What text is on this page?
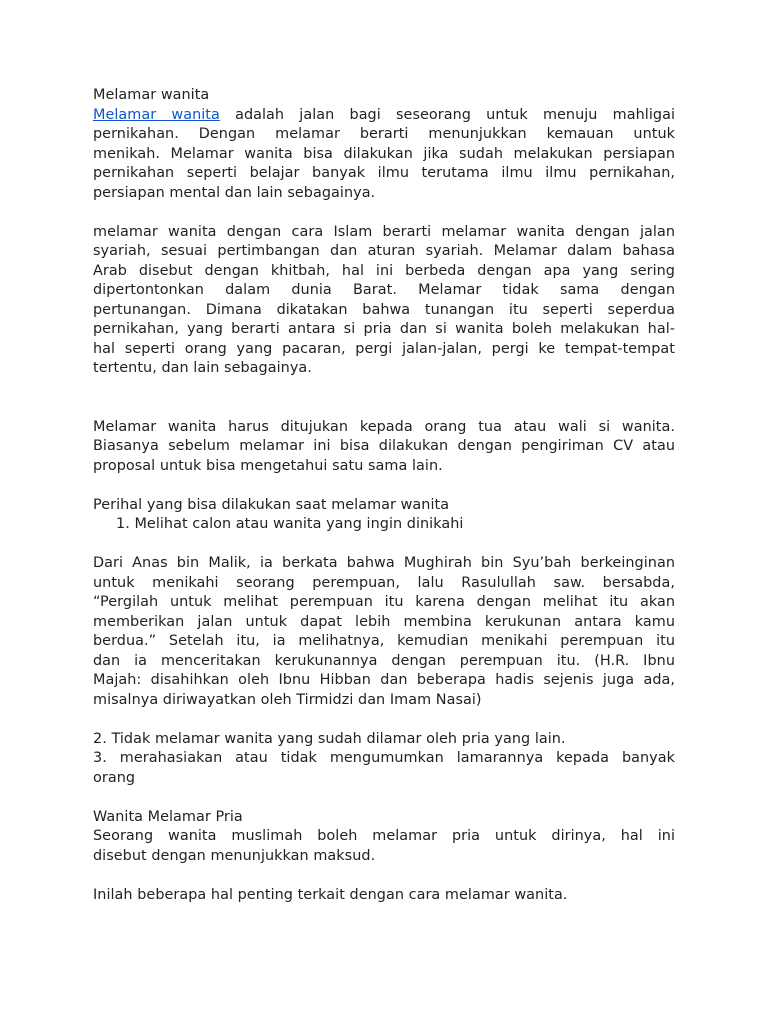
Melamar wanita
Melamar wanita adalah jalan bagi seseorang untuk menuju mahligai
pernikahan. Dengan melamar berarti menunjukkan kemauan untuk
menikah. Melamar wanita bisa dilakukan jika sudah melakukan persiapan
pernikahan seperti belajar banyak ilmu terutama ilmu ilmu pernikahan,
persiapan mental dan lain sebagainya.
melamar wanita dengan cara Islam berarti melamar wanita dengan jalan
syariah, sesuai pertimbangan dan aturan syariah. Melamar dalam bahasa
Arab disebut dengan khitbah, hal ini berbeda dengan apa yang sering
dipertontonkan dalam dunia Barat. Melamar tidak sama dengan
pertunangan. Dimana dikatakan bahwa tunangan itu seperti seperdua
pernikahan, yang berarti antara si pria dan si wanita boleh melakukan hal-
hal seperti orang yang pacaran, pergi jalan-jalan, pergi ke tempat-tempat
tertentu, dan lain sebagainya.
Melamar wanita harus ditujukan kepada orang tua atau wali si wanita.
Biasanya sebelum melamar ini bisa dilakukan dengan pengiriman CV atau
proposal untuk bisa mengetahui satu sama lain.
Perihal yang bisa dilakukan saat melamar wanita
1. Melihat calon atau wanita yang ingin dinikahi
Dari Anas bin Malik, ia berkata bahwa Mughirah bin Syu’bah berkeinginan
untuk menikahi seorang perempuan, lalu Rasulullah saw. bersabda,
“Pergilah untuk melihat perempuan itu karena dengan melihat itu akan
memberikan jalan untuk dapat lebih membina kerukunan antara kamu
berdua.” Setelah itu, ia melihatnya, kemudian menikahi perempuan itu
dan ia menceritakan kerukunannya dengan perempuan itu. (H.R. Ibnu
Majah: disahihkan oleh Ibnu Hibban dan beberapa hadis sejenis juga ada,
misalnya diriwayatkan oleh Tirmidzi dan Imam Nasai)
2. Tidak melamar wanita yang sudah dilamar oleh pria yang lain.
3. merahasiakan atau tidak mengumumkan lamarannya kepada banyak
orang
Wanita Melamar Pria
Seorang wanita muslimah boleh melamar pria untuk dirinya, hal ini
disebut dengan menunjukkan maksud.
Inilah beberapa hal penting terkait dengan cara melamar wanita.
